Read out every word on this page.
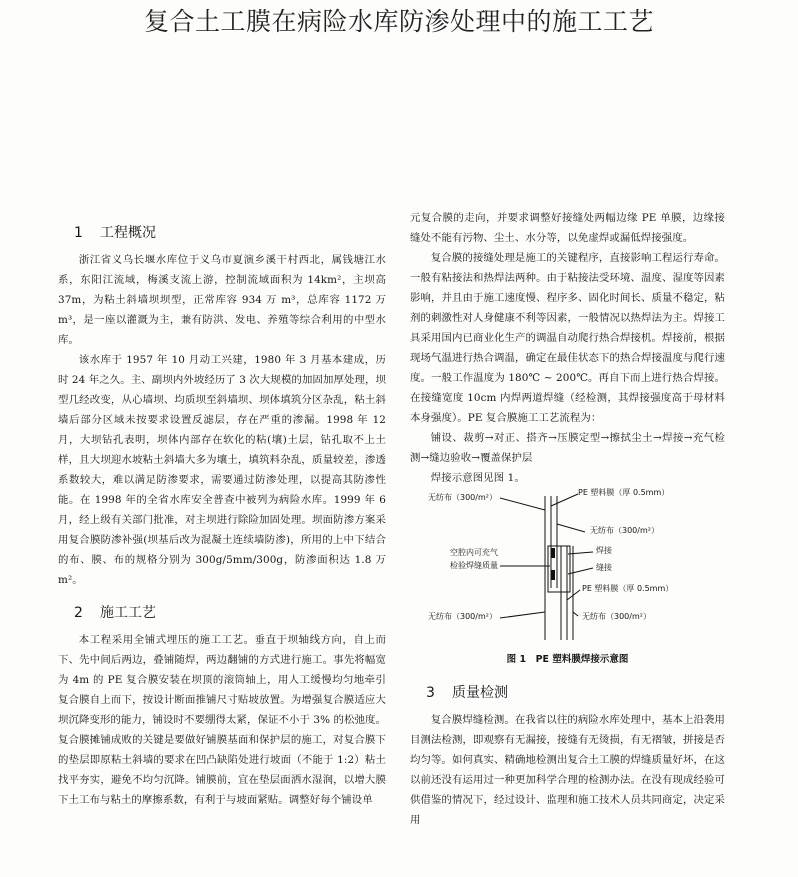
复合土工膜在病险水库防渗处理中的施工工艺
1 工程概况

浙江省义乌长堰水库位于义乌市夏演乡溪干村西北，属钱塘江水系，东阳江流域，梅溪支流上游，控制流域面积为 14km²，主坝高 37m，为粘土斜墙坝坝型，正常库容 934 万 m³，总库容 1172 万 m³，是一座以灌溉为主，兼有防洪、发电、养殖等综合利用的中型水库。

该水库于 1957 年 10 月动工兴建，1980 年 3 月基本建成，历时 24 年之久。主、副坝内外坡经历了 3 次大规模的加固加厚处理，坝型几经改变，从心墙坝、均质坝至斜墙坝、坝体填筑分区杂乱，粘土斜墙后部分区域未按要求设置反滤层，存在严重的渗漏。1998 年 12 月，大坝钻孔表明，坝体内部存在软化的粘(壤)土层，钻孔取不上土样，且大坝迎水坡粘土斜墙大多为壤土，填筑料杂乱，质量较差，渗透系数较大，难以满足防渗要求，需要通过防渗处理，以提高其防渗性能。在 1998 年的全省水库安全普查中被列为病险水库。1999 年 6 月，经上级有关部门批准，对主坝进行除险加固处理。坝面防渗方案采用复合膜防渗补强(坝基后改为混凝土连续墙防渗)，所用的上中下结合的布、膜、布的规格分别为 300g/5mm/300g，防渗面积达 1.8 万 m²。

2 施工工艺

本工程采用全铺式埋压的施工工艺。垂直于坝轴线方向，自上而下、先中间后两边，叠铺随焊，两边翻铺的方式进行施工。事先将幅宽为 4m 的 PE 复合膜安装在坝顶的滚筒轴上，用人工缓慢均匀地牵引复合膜自上而下，按设计断面推铺尺寸贴坡放置。为增强复合膜适应大坝沉降变形的能力，铺设时不要绷得太紧，保证不小于 3% 的松弛度。复合膜摊铺成败的关键是要做好铺膜基面和保护层的施工，对复合膜下的垫层即原粘土斜墙的要求在凹凸缺陷处进行坡面（不能于 1:2）粘土找平夯实，避免不均匀沉降。铺膜前，宜在垫层面洒水湿润，以增大膜下土工布与粘土的摩擦系数，有利于与坡面紧贴。调整好每个铺设单

元复合膜的走向，并要求调整好接缝处两幅边缘 PE 单膜，边缘接缝处不能有污物、尘土、水分等，以免虚焊或漏低焊接强度。

复合膜的接缝处理是施工的关键程序，直接影响工程运行寿命。一般有粘接法和热焊法两种。由于粘接法受环境、温度、湿度等因素影响，并且由于施工速度慢、程序多、固化时间长、质量不稳定，粘剂的刺激性对人身健康不利等因素，一般情况以热焊法为主。焊接工具采用国内已商业化生产的调温自动爬行热合焊接机。焊接前，根据现场气温进行热合调温，确定在最佳状态下的热合焊接温度与爬行速度。一般工作温度为 180℃ ~ 200℃。再自下而上进行热合焊接。在接缝宽度 10cm 内焊两道焊缝（经检测，其焊接强度高于母材料本身强度）。PE 复合膜施工工艺流程为：

铺设、裁剪→对正、搭齐→压膜定型→擦拭尘土→焊接→充气检测→缝边验收→覆盖保护层

焊接示意图见图 1。

PE 塑料膜（厚 0.5mm）
无纺布（300/m²）
无纺布（300/m²）
空腔内可充气
检验焊缝质量
焊接
缝接
PE 塑料膜（厚 0.5mm）
无纺布（300/m²）	无纺布（300/m²）
图 1　PE 塑料膜焊接示意图
3 质量检测

复合膜焊缝检测。在我省以往的病险水库处理中，基本上沿袭用目测法检测，即观察有无漏接，接缝有无烫损，有无褶皱，拼接是否均匀等。如何真实、精确地检测出复合土工膜的焊缝质量好坏，在这以前还没有运用过一种更加科学合理的检测办法。在没有现成经验可供借鉴的情况下，经过设计、监理和施工技术人员共同商定，决定采用
